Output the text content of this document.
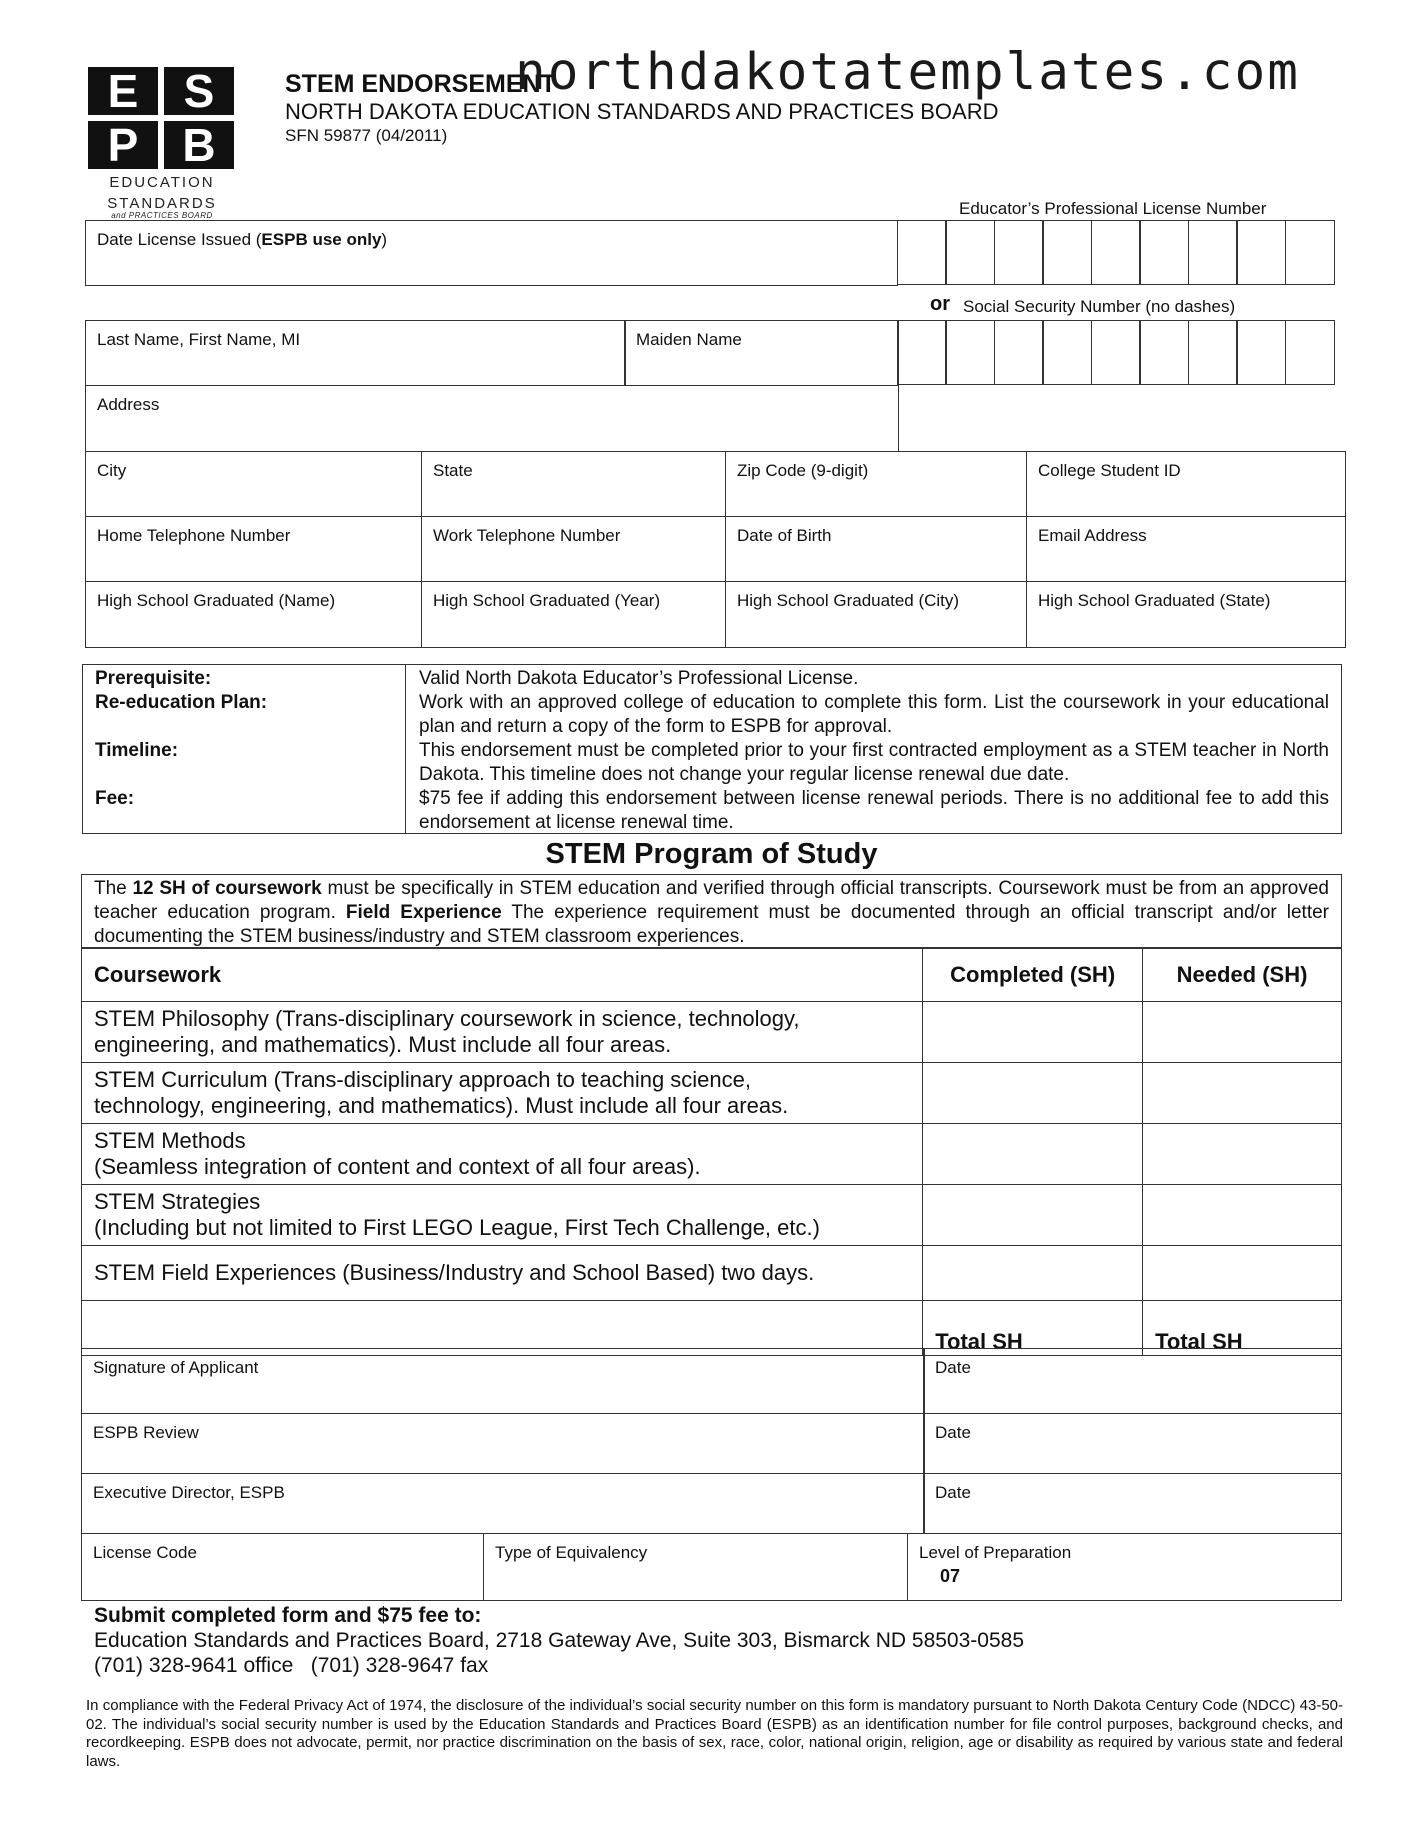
E S
P B
EDUCATION
STANDARDS
and PRACTICES BOARD
STEM ENDORSEMENT
northdakotatemplates.com
NORTH DAKOTA EDUCATION STANDARDS AND PRACTICES BOARD
SFN 59877 (04/2011)
Educator’s Professional License Number
Date License Issued (ESPB use only)
or Social Security Number (no dashes)
Last Name, First Name, MI	Maiden Name
Address
City	State	Zip Code (9-digit)	College Student ID
Home Telephone Number	Work Telephone Number	Date of Birth	Email Address
High School Graduated (Name)	High School Graduated (Year)	High School Graduated (City)	High School Graduated (State)
Prerequisite:	Valid North Dakota Educator’s Professional License.
Re-education Plan:	Work with an approved college of education to complete this form. List the coursework in your educational plan and return a copy of the form to ESPB for approval.
Timeline:	This endorsement must be completed prior to your first contracted employment as a STEM teacher in North Dakota. This timeline does not change your regular license renewal due date.
Fee:	$75 fee if adding this endorsement between license renewal periods. There is no additional fee to add this endorsement at license renewal time.
STEM Program of Study
The 12 SH of coursework must be specifically in STEM education and verified through official transcripts. Coursework must be from an approved teacher education program. Field Experience The experience requirement must be documented through an official transcript and/or letter documenting the STEM business/industry and STEM classroom experiences.
Coursework	Completed (SH)	Needed (SH)

STEM Philosophy (Trans-disciplinary coursework in science, technology,
engineering, and mathematics). Must include all four areas.		

STEM Curriculum (Trans-disciplinary approach to teaching science,
technology, engineering, and mathematics). Must include all four areas.		

STEM Methods
(Seamless integration of content and context of all four areas).		

STEM Strategies
(Including but not limited to First LEGO League, First Tech Challenge, etc.)		

STEM Field Experiences (Business/Industry and School Based) two days.		

	Total SH	Total SH
Signature of Applicant	Date
ESPB Review	Date
Executive Director, ESPB	Date
License Code	Type of Equivalency	Level of Preparation
07
Submit completed form and $75 fee to:
Education Standards and Practices Board, 2718 Gateway Ave, Suite 303, Bismarck ND 58503-0585
(701) 328-9641 office   (701) 328-9647 fax
In compliance with the Federal Privacy Act of 1974, the disclosure of the individual’s social security number on this form is mandatory pursuant to North Dakota Century Code (NDCC) 43-50-02. The individual’s social security number is used by the Education Standards and Practices Board (ESPB) as an identification number for file control purposes, background checks, and recordkeeping. ESPB does not advocate, permit, nor practice discrimination on the basis of sex, race, color, national origin, religion, age or disability as required by various state and federal laws.
